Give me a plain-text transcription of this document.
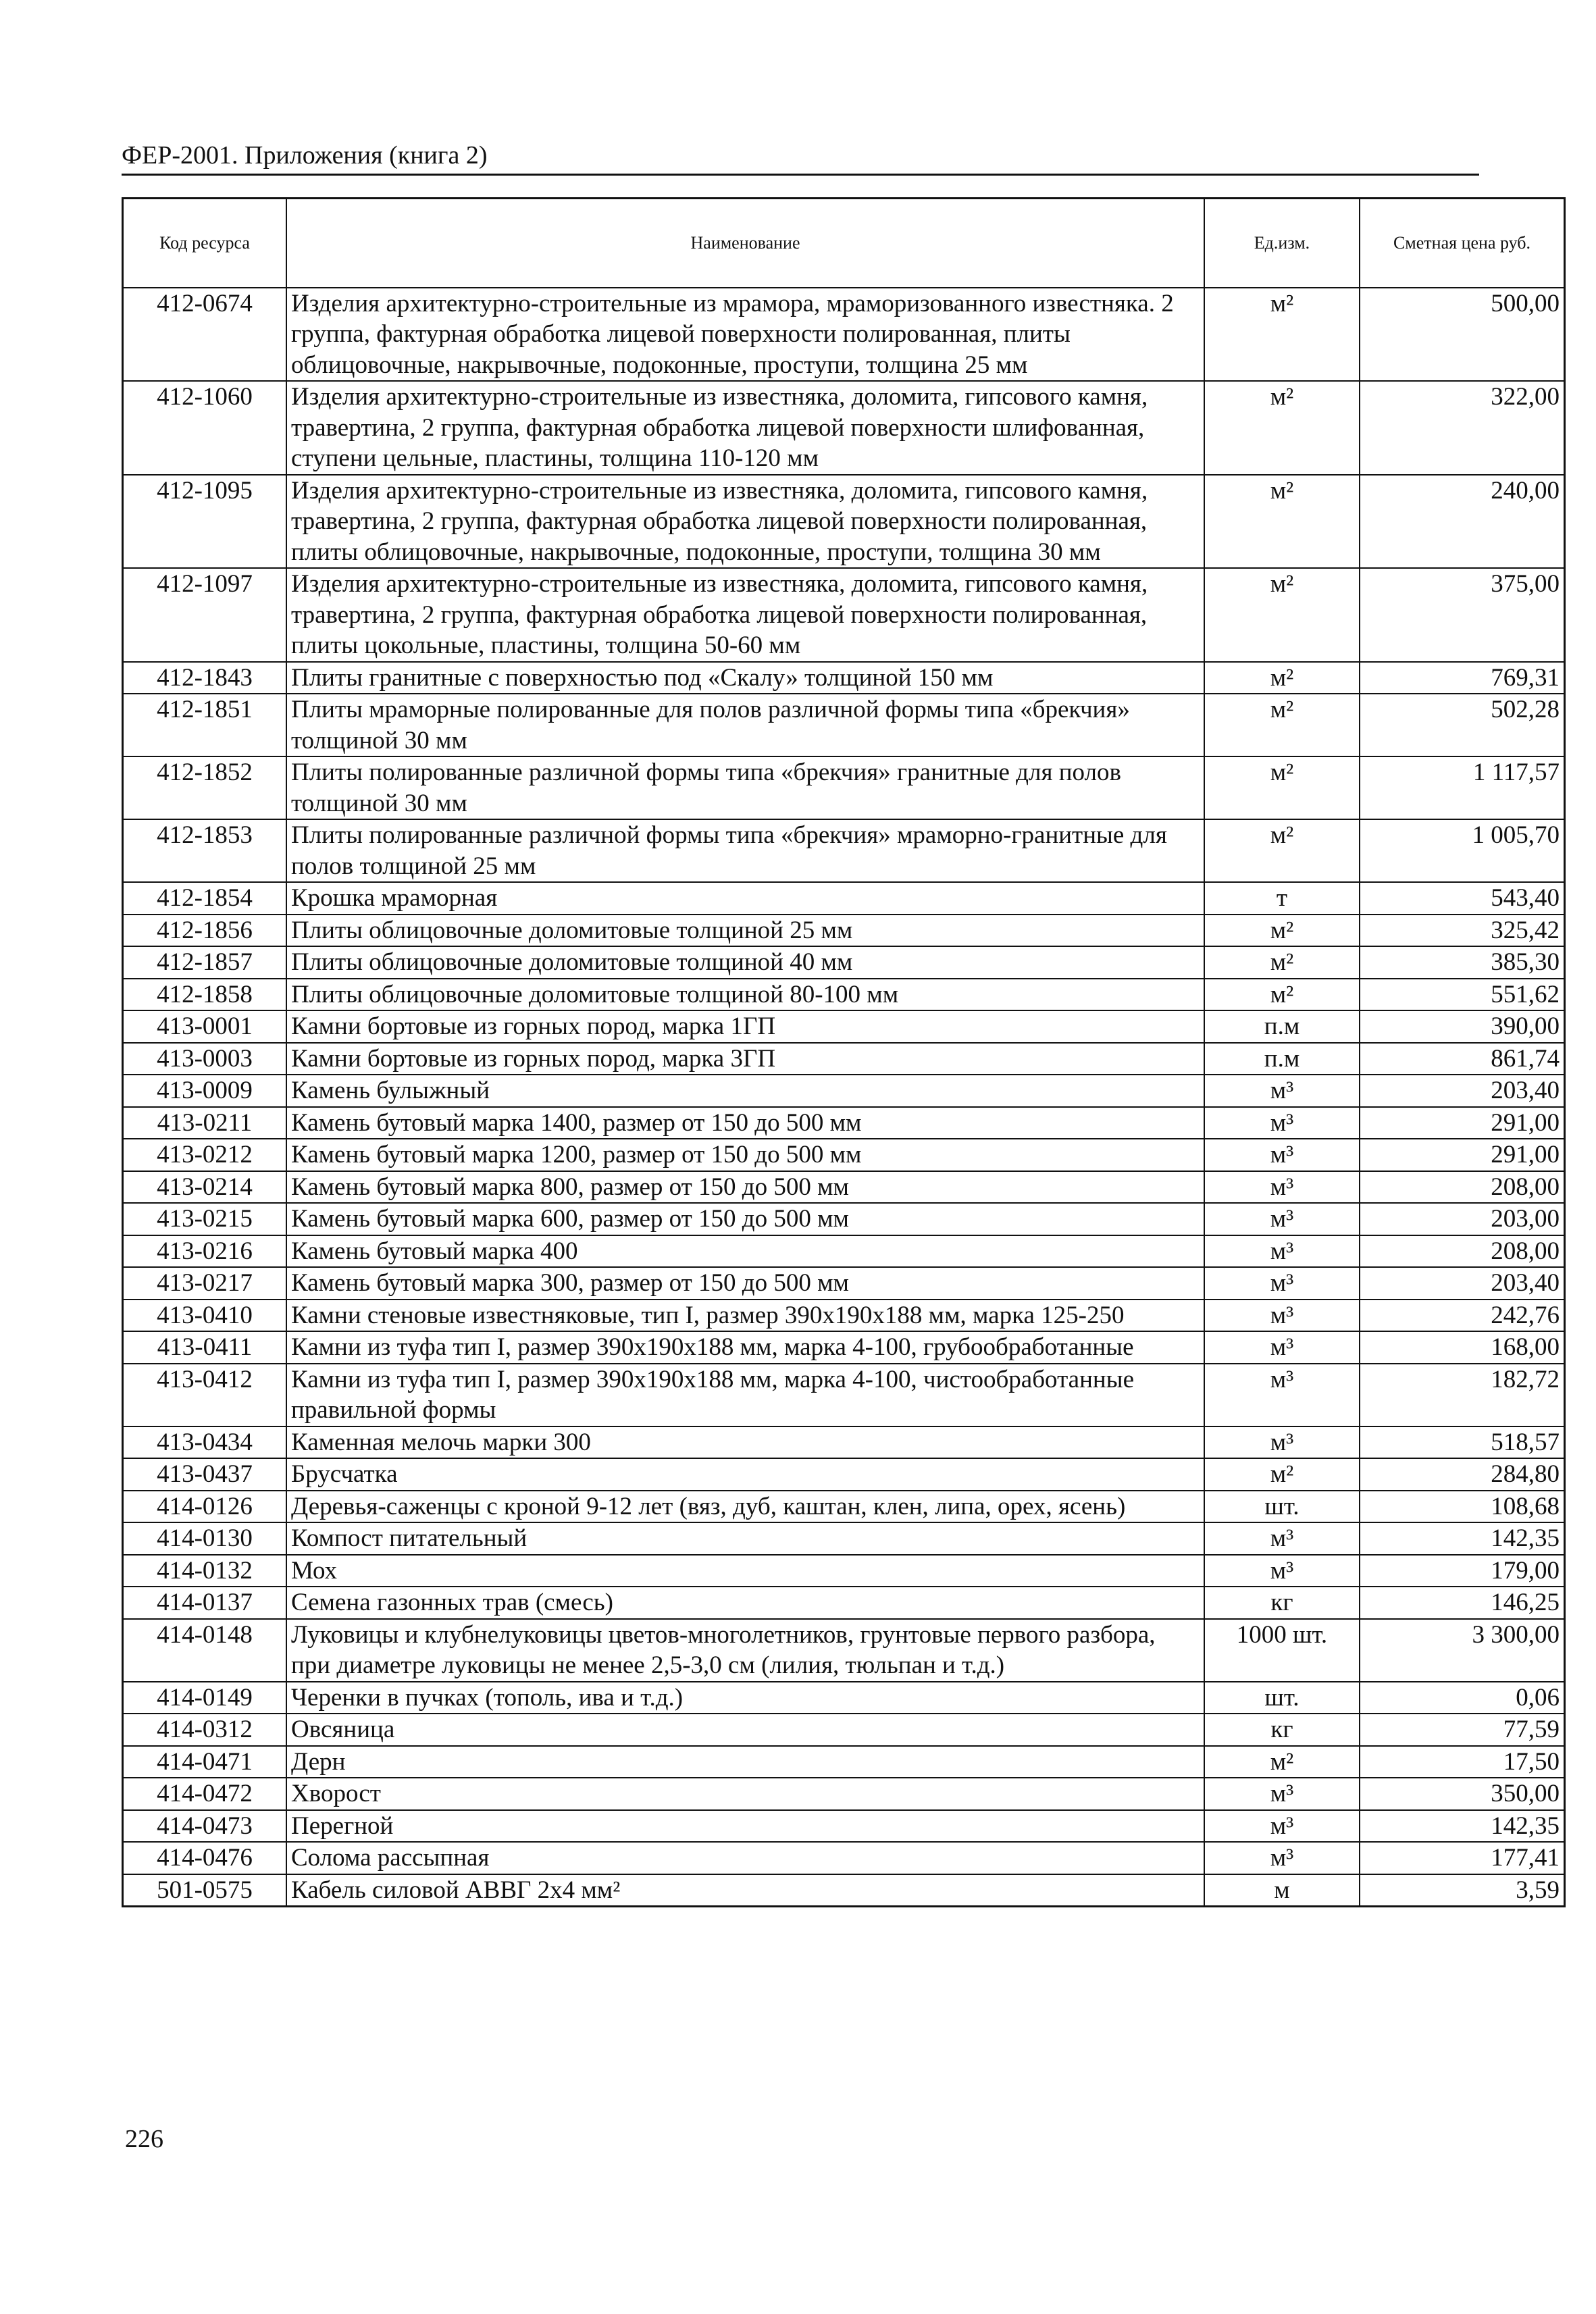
ФЕР-2001. Приложения (книга 2)
Код ресурса	Наименование	Ед.изм.	Сметная цена руб.
412-0674	Изделия архитектурно-строительные из мрамора, мраморизованного известняка. 2 группа, фактурная обработка лицевой поверхности полированная, плиты облицовочные, накрывочные, подоконные, проступи, толщина 25 мм	м²	500,00
412-1060	Изделия архитектурно-строительные из известняка, доломита, гипсового камня, травертина, 2 группа, фактурная обработка лицевой поверхности шлифованная, ступени цельные, пластины, толщина 110-120 мм	м²	322,00
412-1095	Изделия архитектурно-строительные из известняка, доломита, гипсового камня, травертина, 2 группа, фактурная обработка лицевой поверхности полированная, плиты облицовочные, накрывочные, подоконные, проступи, толщина 30 мм	м²	240,00
412-1097	Изделия архитектурно-строительные из известняка, доломита, гипсового камня, травертина, 2 группа, фактурная обработка лицевой поверхности полированная, плиты цокольные, пластины, толщина 50-60 мм	м²	375,00
412-1843	Плиты гранитные с поверхностью под «Скалу» толщиной 150 мм	м²	769,31
412-1851	Плиты мраморные полированные для полов различной формы типа «брекчия» толщиной 30 мм	м²	502,28
412-1852	Плиты полированные различной формы типа «брекчия» гранитные для полов толщиной 30 мм	м²	1 117,57
412-1853	Плиты полированные различной формы типа «брекчия» мраморно-гранитные для полов толщиной 25 мм	м²	1 005,70
412-1854	Крошка мраморная	т	543,40
412-1856	Плиты облицовочные доломитовые толщиной 25 мм	м²	325,42
412-1857	Плиты облицовочные доломитовые толщиной 40 мм	м²	385,30
412-1858	Плиты облицовочные доломитовые толщиной 80-100 мм	м²	551,62
413-0001	Камни бортовые из горных пород, марка 1ГП	п.м	390,00
413-0003	Камни бортовые из горных пород, марка 3ГП	п.м	861,74
413-0009	Камень булыжный	м³	203,40
413-0211	Камень бутовый марка 1400, размер от 150 до 500 мм	м³	291,00
413-0212	Камень бутовый марка 1200, размер от 150 до 500 мм	м³	291,00
413-0214	Камень бутовый марка 800, размер от 150 до 500 мм	м³	208,00
413-0215	Камень бутовый марка 600, размер от 150 до 500 мм	м³	203,00
413-0216	Камень бутовый марка 400	м³	208,00
413-0217	Камень бутовый марка 300, размер от 150 до 500 мм	м³	203,40
413-0410	Камни стеновые известняковые, тип I, размер 390x190x188 мм, марка 125-250	м³	242,76
413-0411	Камни из туфа тип I, размер 390x190x188 мм, марка 4-100, грубообработанные	м³	168,00
413-0412	Камни из туфа тип I, размер 390x190x188 мм, марка 4-100, чистообработанные правильной формы	м³	182,72
413-0434	Каменная мелочь марки 300	м³	518,57
413-0437	Брусчатка	м²	284,80
414-0126	Деревья-саженцы с кроной 9-12 лет (вяз, дуб, каштан, клен, липа, орех, ясень)	шт.	108,68
414-0130	Компост питательный	м³	142,35
414-0132	Мох	м³	179,00
414-0137	Семена газонных трав (смесь)	кг	146,25
414-0148	Луковицы и клубнелуковицы цветов-многолетников, грунтовые первого разбора, при диаметре луковицы не менее 2,5-3,0 см (лилия, тюльпан и т.д.)	1000 шт.	3 300,00
414-0149	Черенки в пучках (тополь, ива и т.д.)	шт.	0,06
414-0312	Овсяница	кг	77,59
414-0471	Дерн	м²	17,50
414-0472	Хворост	м³	350,00
414-0473	Перегной	м³	142,35
414-0476	Солома рассыпная	м³	177,41
501-0575	Кабель силовой АВВГ 2x4 мм²	м	3,59
226
